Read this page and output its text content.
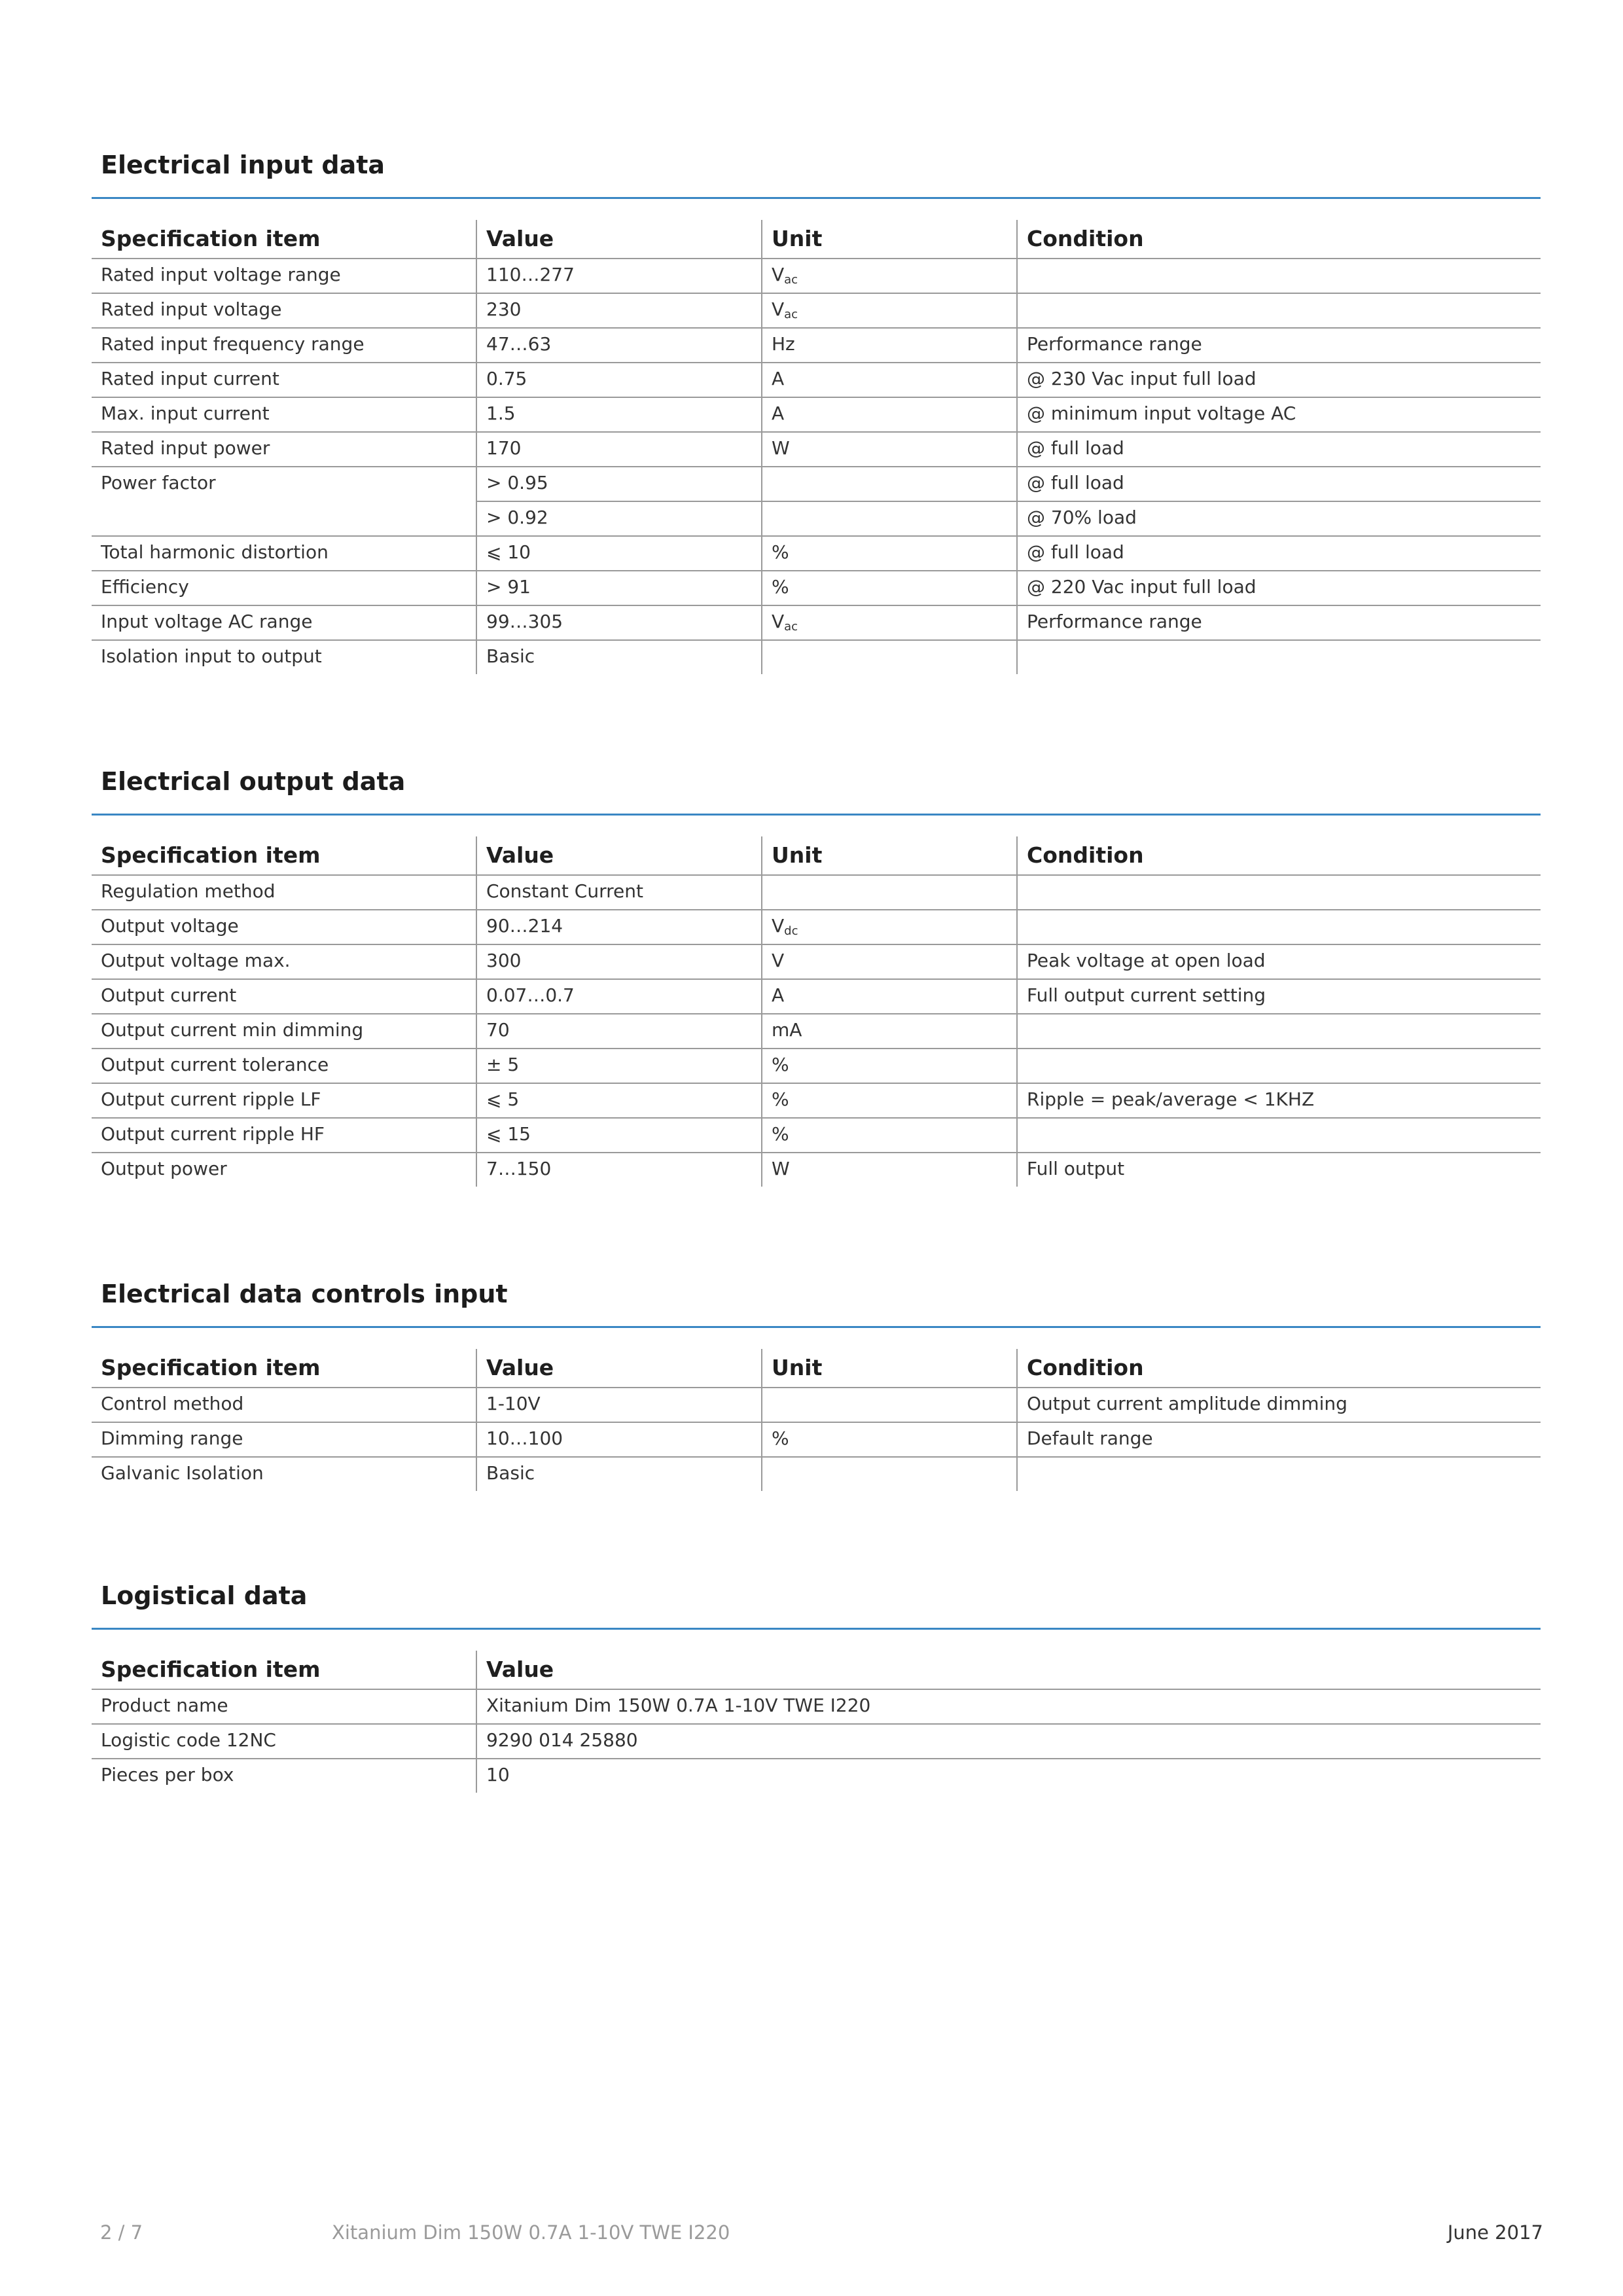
Electrical input data
Specification item	Value	Unit	Condition
Rated input voltage range	110…277	$V_{ac}$	
Rated input voltage	230	$V_{ac}$	
Rated input frequency range	47…63	Hz	Performance range
Rated input current	0.75	A	@ 230 Vac input full load
Max. input current	1.5	A	@ minimum input voltage AC
Rated input power	170	W	@ full load
Power factor	> 0.95		@ full load
	> 0.92		@ 70% load
Total harmonic distortion	⩽ 10	%	@ full load
Efficiency	> 91	%	@ 220 Vac input full load
Input voltage AC range	99…305	$V_{ac}$	Performance range
Isolation input to output	Basic		
Electrical output data
Specification item	Value	Unit	Condition
Regulation method	Constant Current		
Output voltage	90…214	$V_{dc}$	
Output voltage max.	300	V	Peak voltage at open load
Output current	0.07…0.7	A	Full output current setting
Output current min dimming	70	mA	
Output current tolerance	± 5	%	
Output current ripple LF	⩽ 5	%	Ripple = peak/average < 1KHZ
Output current ripple HF	⩽ 15	%	
Output power	7…150	W	Full output
Electrical data controls input
Specification item	Value	Unit	Condition
Control method	1-10V		Output current amplitude dimming
Dimming range	10…100	%	Default range
Galvanic Isolation	Basic		
Logistical data
Specification item	Value
Product name	Xitanium Dim 150W 0.7A 1-10V TWE I220
Logistic code 12NC	9290 014 25880
Pieces per box	10
2 / 7	Xitanium Dim 150W 0.7A 1-10V TWE I220	June 2017
